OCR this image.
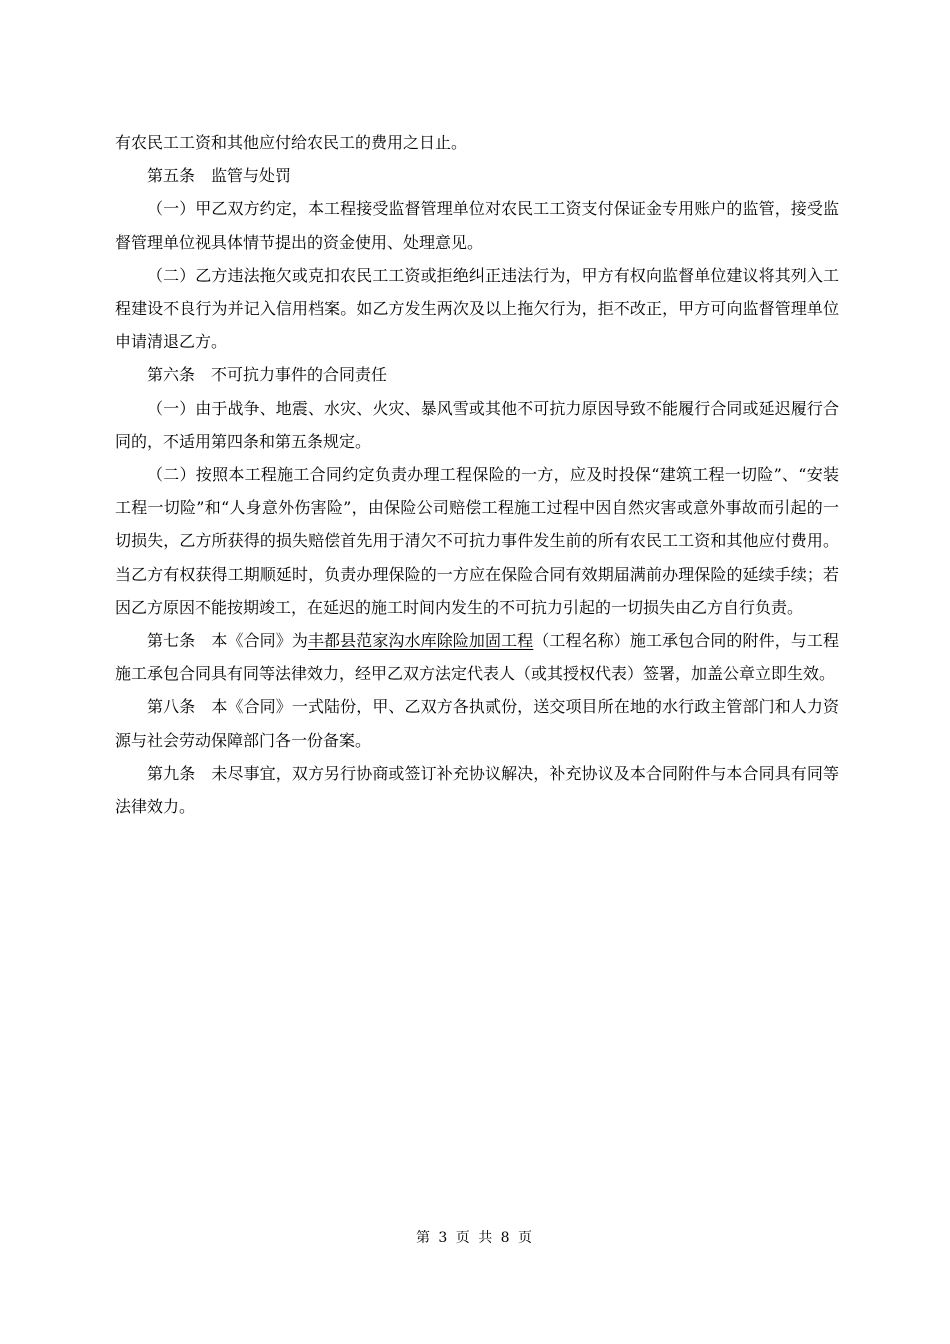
有农民工工资和其他应付给农民工的费用之日止。

第五条　监管与处罚

（一）甲乙双方约定，本工程接受监督管理单位对农民工工资支付保证金专用账户的监管，接受监督管理单位视具体情节提出的资金使用、处理意见。

（二）乙方违法拖欠或克扣农民工工资或拒绝纠正违法行为，甲方有权向监督单位建议将其列入工程建设不良行为并记入信用档案。如乙方发生两次及以上拖欠行为，拒不改正，甲方可向监督管理单位申请清退乙方。

第六条　不可抗力事件的合同责任

（一）由于战争、地震、水灾、火灾、暴风雪或其他不可抗力原因导致不能履行合同或延迟履行合同的，不适用第四条和第五条规定。

（二）按照本工程施工合同约定负责办理工程保险的一方，应及时投保“建筑工程一切险”、“安装工程一切险”和“人身意外伤害险”，由保险公司赔偿工程施工过程中因自然灾害或意外事故而引起的一切损失，乙方所获得的损失赔偿首先用于清欠不可抗力事件发生前的所有农民工工资和其他应付费用。当乙方有权获得工期顺延时，负责办理保险的一方应在保险合同有效期届满前办理保险的延续手续；若因乙方原因不能按期竣工，在延迟的施工时间内发生的不可抗力引起的一切损失由乙方自行负责。

第七条　本《合同》为丰都县范家沟水库除险加固工程（工程名称）施工承包合同的附件，与工程施工承包合同具有同等法律效力，经甲乙双方法定代表人（或其授权代表）签署，加盖公章立即生效。

第八条　本《合同》一式陆份，甲、乙双方各执贰份，送交项目所在地的水行政主管部门和人力资源与社会劳动保障部门各一份备案。

第九条　未尽事宜，双方另行协商或签订补充协议解决，补充协议及本合同附件与本合同具有同等法律效力。

第 3 页 共 8 页
